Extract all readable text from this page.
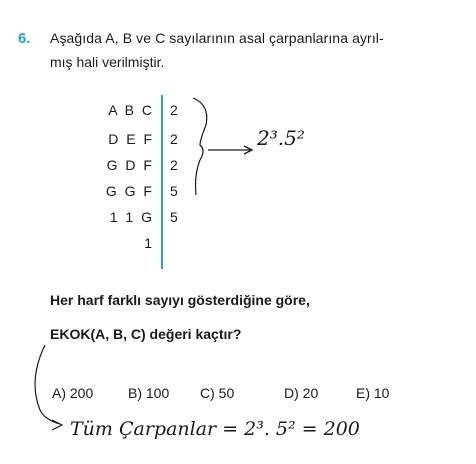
6. Aşağıda A, B ve C sayılarının asal çarpanlarına ayrıl-
mış hali verilmiştir.
A B C 2
D E F 2
G D F 2
G G F 5
1 1 G 5
1
2³.5²
Her harf farklı sayıyı gösterdiğine göre,
EKOK(A, B, C) değeri kaçtır?
A) 200 B) 100 C) 50	D) 20	E) 10
Tüm Çarpanlar = 2³. 5² = 200
